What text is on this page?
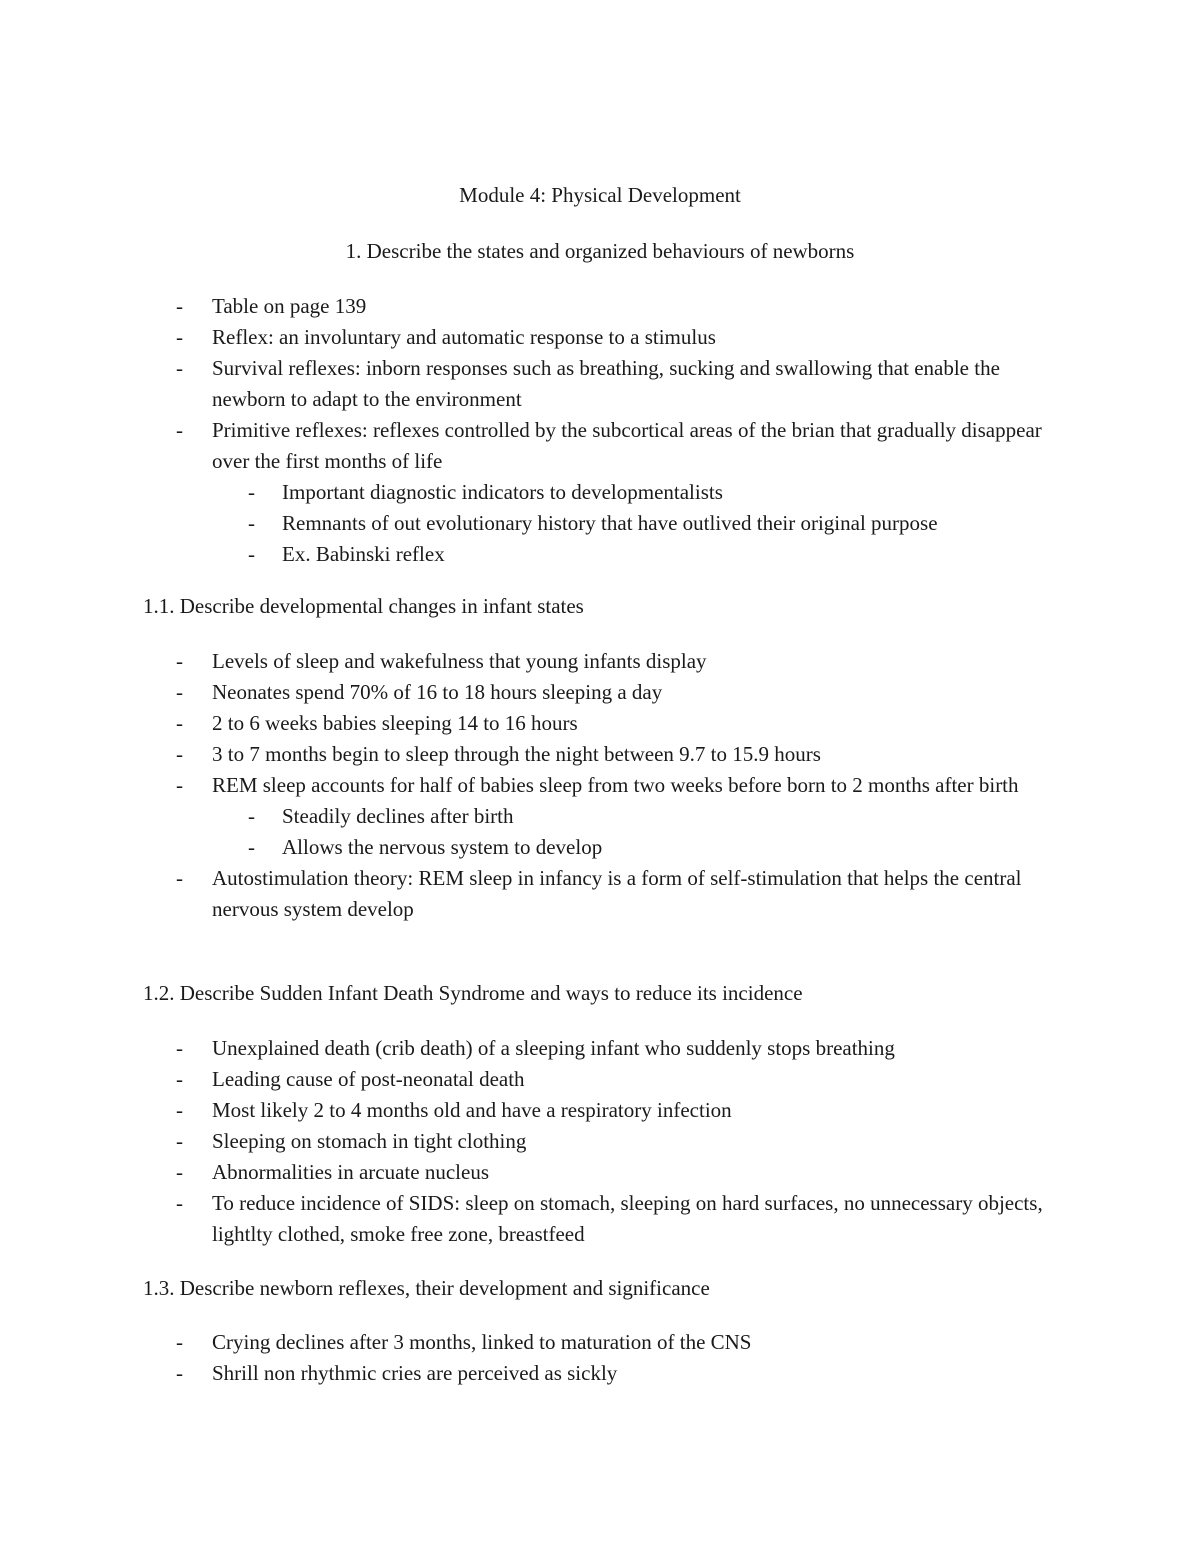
Module 4: Physical Development
1. Describe the states and organized behaviours of newborns
- Table on page 139
- Reflex: an involuntary and automatic response to a stimulus
- Survival reflexes: inborn responses such as breathing, sucking and swallowing that enable the newborn to adapt to the environment
- Primitive reflexes: reflexes controlled by the subcortical areas of the brian that gradually disappear over the first months of life
- Important diagnostic indicators to developmentalists
- Remnants of out evolutionary history that have outlived their original purpose
- Ex. Babinski reflex
1.1. Describe developmental changes in infant states
- Levels of sleep and wakefulness that young infants display
- Neonates spend 70% of 16 to 18 hours sleeping a day
- 2 to 6 weeks babies sleeping 14 to 16 hours
- 3 to 7 months begin to sleep through the night between 9.7 to 15.9 hours
- REM sleep accounts for half of babies sleep from two weeks before born to 2 months after birth
- Steadily declines after birth
- Allows the nervous system to develop
- Autostimulation theory: REM sleep in infancy is a form of self-stimulation that helps the central nervous system develop
1.2. Describe Sudden Infant Death Syndrome and ways to reduce its incidence
- Unexplained death (crib death) of a sleeping infant who suddenly stops breathing
- Leading cause of post-neonatal death
- Most likely 2 to 4 months old and have a respiratory infection
- Sleeping on stomach in tight clothing
- Abnormalities in arcuate nucleus
- To reduce incidence of SIDS: sleep on stomach, sleeping on hard surfaces, no unnecessary objects, lightlty clothed, smoke free zone, breastfeed
1.3. Describe newborn reflexes, their development and significance
- Crying declines after 3 months, linked to maturation of the CNS
- Shrill non rhythmic cries are perceived as sickly
